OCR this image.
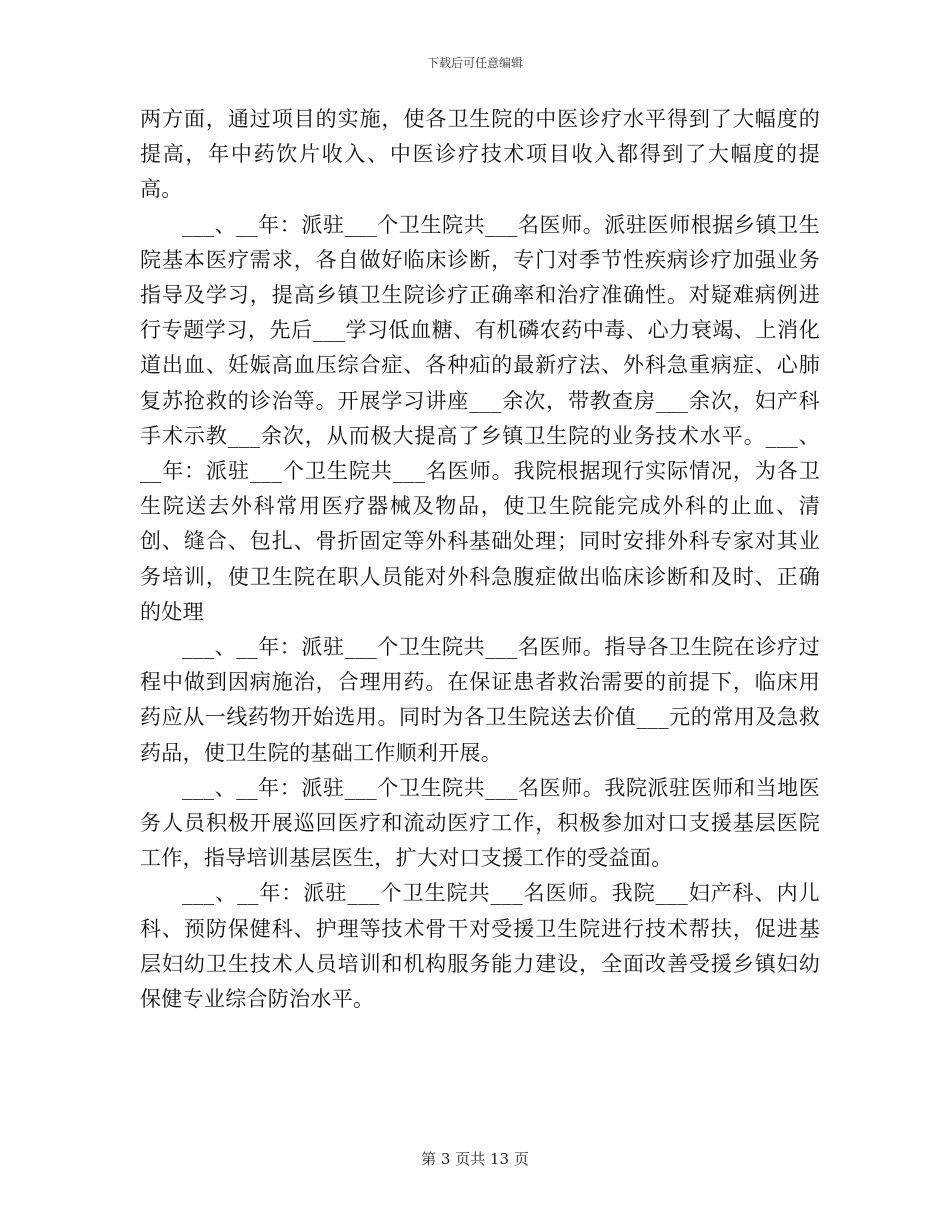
下载后可任意编辑

两方面，通过项目的实施，使各卫生院的中医诊疗水平得到了大幅度的提高，年中药饮片收入、中医诊疗技术项目收入都得到了大幅度的提高。

___、__年：派驻___个卫生院共___名医师。派驻医师根据乡镇卫生院基本医疗需求，各自做好临床诊断，专门对季节性疾病诊疗加强业务指导及学习，提高乡镇卫生院诊疗正确率和治疗准确性。对疑难病例进行专题学习，先后___学习低血糖、有机磷农药中毒、心力衰竭、上消化道出血、妊娠高血压综合症、各种疝的最新疗法、外科急重病症、心肺复苏抢救的诊治等。开展学习讲座___余次，带教查房___余次，妇产科手术示教___余次，从而极大提高了乡镇卫生院的业务技术水平。___、__年：派驻___个卫生院共___名医师。我院根据现行实际情况，为各卫生院送去外科常用医疗器械及物品，使卫生院能完成外科的止血、清创、缝合、包扎、骨折固定等外科基础处理；同时安排外科专家对其业务培训，使卫生院在职人员能对外科急腹症做出临床诊断和及时、正确的处理

___、__年：派驻___个卫生院共___名医师。指导各卫生院在诊疗过程中做到因病施治，合理用药。在保证患者救治需要的前提下，临床用药应从一线药物开始选用。同时为各卫生院送去价值___元的常用及急救药品，使卫生院的基础工作顺利开展。

___、__年：派驻___个卫生院共___名医师。我院派驻医师和当地医务人员积极开展巡回医疗和流动医疗工作，积极参加对口支援基层医院工作，指导培训基层医生，扩大对口支援工作的受益面。

___、__年：派驻___个卫生院共___名医师。我院___妇产科、内儿科、预防保健科、护理等技术骨干对受援卫生院进行技术帮扶，促进基层妇幼卫生技术人员培训和机构服务能力建设，全面改善受援乡镇妇幼保健专业综合防治水平。

第 3 页共 13 页
